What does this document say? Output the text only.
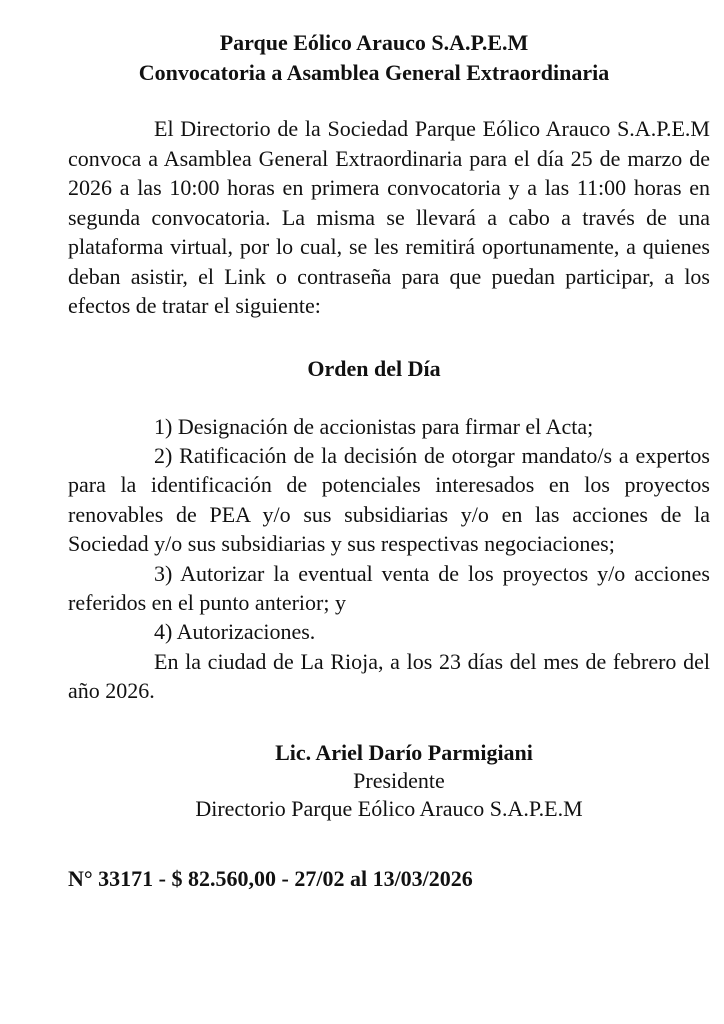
Parque Eólico Arauco S.A.P.E.M
Convocatoria a Asamblea General Extraordinaria

El Directorio de la Sociedad Parque Eólico Arauco S.A.P.E.M convoca a Asamblea General Extraordinaria para el día 25 de marzo de 2026 a las 10:00 horas en primera convocatoria y a las 11:00 horas en segunda convocatoria. La misma se llevará a cabo a través de una plataforma virtual, por lo cual, se les remitirá oportunamente, a quienes deban asistir, el Link o contraseña para que puedan participar, a los efectos de tratar el siguiente:

Orden del Día

1) Designación de accionistas para firmar el Acta;

2) Ratificación de la decisión de otorgar mandato/s a expertos para la identificación de potenciales interesados en los proyectos renovables de PEA y/o sus subsidiarias y/o en las acciones de la Sociedad y/o sus subsidiarias y sus respectivas negociaciones;

3) Autorizar la eventual venta de los proyectos y/o acciones referidos en el punto anterior; y

4) Autorizaciones.

En la ciudad de La Rioja, a los 23 días del mes de febrero del año 2026.

Lic. Ariel Darío Parmigiani
Presidente
Directorio Parque Eólico Arauco S.A.P.E.M
N° 33171 - $ 82.560,00 - 27/02 al 13/03/2026
